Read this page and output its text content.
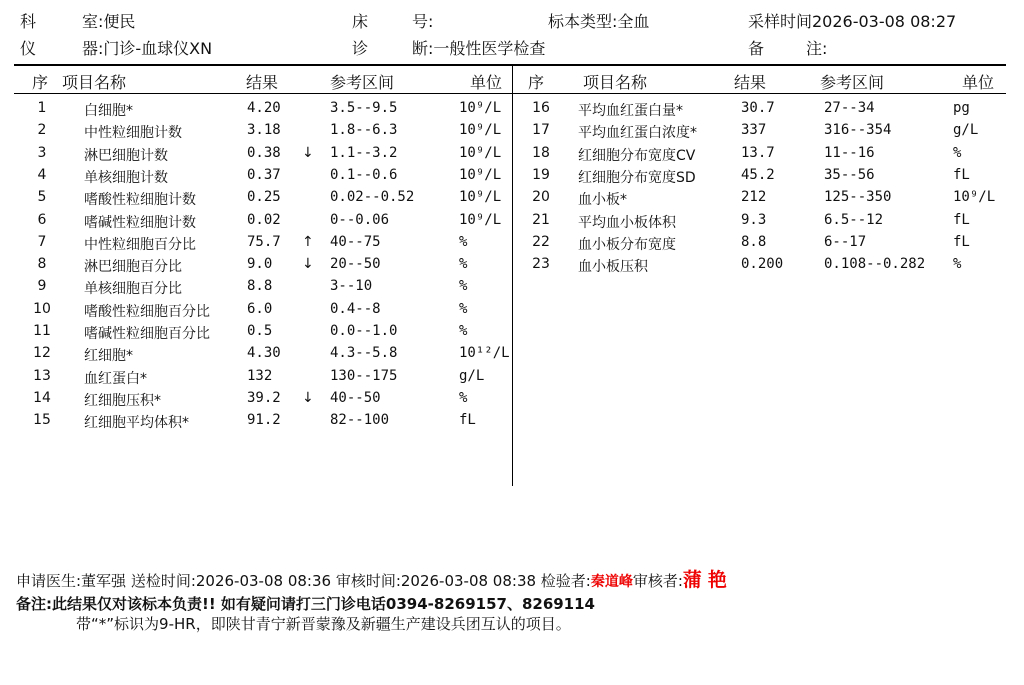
科	室:便民	床	号:	标本类型:全血	采样时间2026-03-08 08:27
仪	器:门诊-血球仪XN	诊	断:一般性医学检查	备	注:
序 项目名称	结果	参考区间	单位 序 项目名称	结果	参考区间	单位
1	白细胞*	4.20	3.5--9.5	10⁹/L
2	中性粒细胞计数	3.18	1.8--6.3	10⁹/L
3	淋巴细胞计数	0.38 ↓ 1.1--3.2	10⁹/L
4	单核细胞计数	0.37	0.1--0.6	10⁹/L
5	嗜酸性粒细胞计数	0.25	0.02--0.52	10⁹/L
6	嗜碱性粒细胞计数	0.02	0--0.06	10⁹/L
7	中性粒细胞百分比	75.7 ↑ 40--75	%
8	淋巴细胞百分比	9.0 ↓ 20--50	%
9	单核细胞百分比	8.8	3--10	%
10 嗜酸性粒细胞百分比	6.0	0.4--8	%
11 嗜碱性粒细胞百分比	0.5	0.0--1.0	%
12 红细胞*	4.30	4.3--5.8	10¹²/L
13 血红蛋白*	132	130--175	g/L
14 红细胞压积*	39.2 ↓ 40--50	%
15 红细胞平均体积*	91.2	82--100	fL
16 平均血红蛋白量*	30.7	27--34	pg
17 平均血红蛋白浓度*	337	316--354	g/L
18 红细胞分布宽度CV	13.7	11--16	%
19 红细胞分布宽度SD	45.2	35--56	fL
20 血小板*	212	125--350	10⁹/L
21 平均血小板体积	9.3	6.5--12	fL
22 血小板分布宽度	8.8	6--17	fL
23 血小板压积	0.200	0.108--0.282 %
申请医生:董军强 送检时间:2026-03-08 08:36 审核时间:2026-03-08 08:38 检验者:秦道峰审核者:蒲艳
备注:此结果仅对该标本负责!! 如有疑问请打三门诊电话0394-8269157、8269114
带“*”标识为9-HR，即陕甘青宁新晋蒙豫及新疆生产建设兵团互认的项目。
